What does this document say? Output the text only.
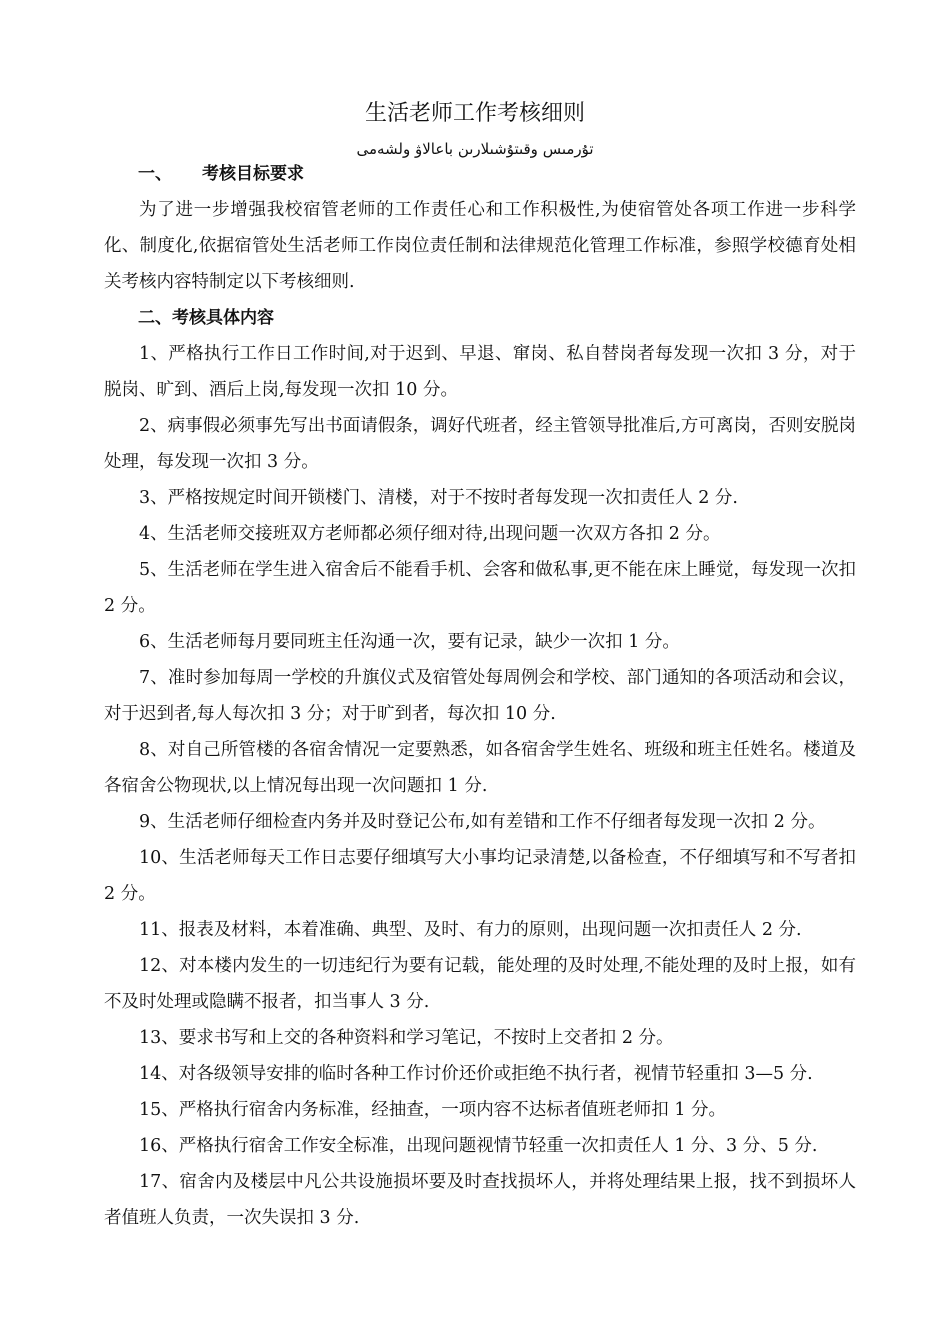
生活老师工作考核细则
تۇرمىس وقىتۇشىلارىن باعالاۋ ولشەمى

一、 考核目标要求

为了进一步增强我校宿管老师的工作责任心和工作积极性,为使宿管处各项工作进一步科学化、制度化,依据宿管处生活老师工作岗位责任制和法律规范化管理工作标准，参照学校德育处相关考核内容特制定以下考核细则.

二、考核具体内容

1、严格执行工作日工作时间,对于迟到、早退、窜岗、私自替岗者每发现一次扣 3 分，对于脱岗、旷到、酒后上岗,每发现一次扣 10 分。

2、病事假必须事先写出书面请假条，调好代班者，经主管领导批准后,方可离岗，否则安脱岗处理，每发现一次扣 3 分。

3、严格按规定时间开锁楼门、清楼，对于不按时者每发现一次扣责任人 2 分.

4、生活老师交接班双方老师都必须仔细对待,出现问题一次双方各扣 2 分。

5、生活老师在学生进入宿舍后不能看手机、会客和做私事,更不能在床上睡觉，每发现一次扣 2 分。

6、生活老师每月要同班主任沟通一次，要有记录，缺少一次扣 1 分。

7、准时参加每周一学校的升旗仪式及宿管处每周例会和学校、部门通知的各项活动和会议，对于迟到者,每人每次扣 3 分；对于旷到者，每次扣 10 分.

8、对自己所管楼的各宿舍情况一定要熟悉，如各宿舍学生姓名、班级和班主任姓名。楼道及各宿舍公物现状,以上情况每出现一次问题扣 1 分.

9、生活老师仔细检查内务并及时登记公布,如有差错和工作不仔细者每发现一次扣 2 分。

10、生活老师每天工作日志要仔细填写大小事均记录清楚,以备检查，不仔细填写和不写者扣 2 分。

11、报表及材料，本着准确、典型、及时、有力的原则，出现问题一次扣责任人 2 分.

12、对本楼内发生的一切违纪行为要有记载，能处理的及时处理,不能处理的及时上报，如有不及时处理或隐瞒不报者，扣当事人 3 分.

13、要求书写和上交的各种资料和学习笔记，不按时上交者扣 2 分。

14、对各级领导安排的临时各种工作讨价还价或拒绝不执行者，视情节轻重扣 3—5 分.

15、严格执行宿舍内务标准，经抽查，一项内容不达标者值班老师扣 1 分。

16、严格执行宿舍工作安全标准，出现问题视情节轻重一次扣责任人 1 分、3 分、5 分.

17、宿舍内及楼层中凡公共设施损坏要及时查找损坏人，并将处理结果上报，找不到损坏人者值班人负责，一次失误扣 3 分.
